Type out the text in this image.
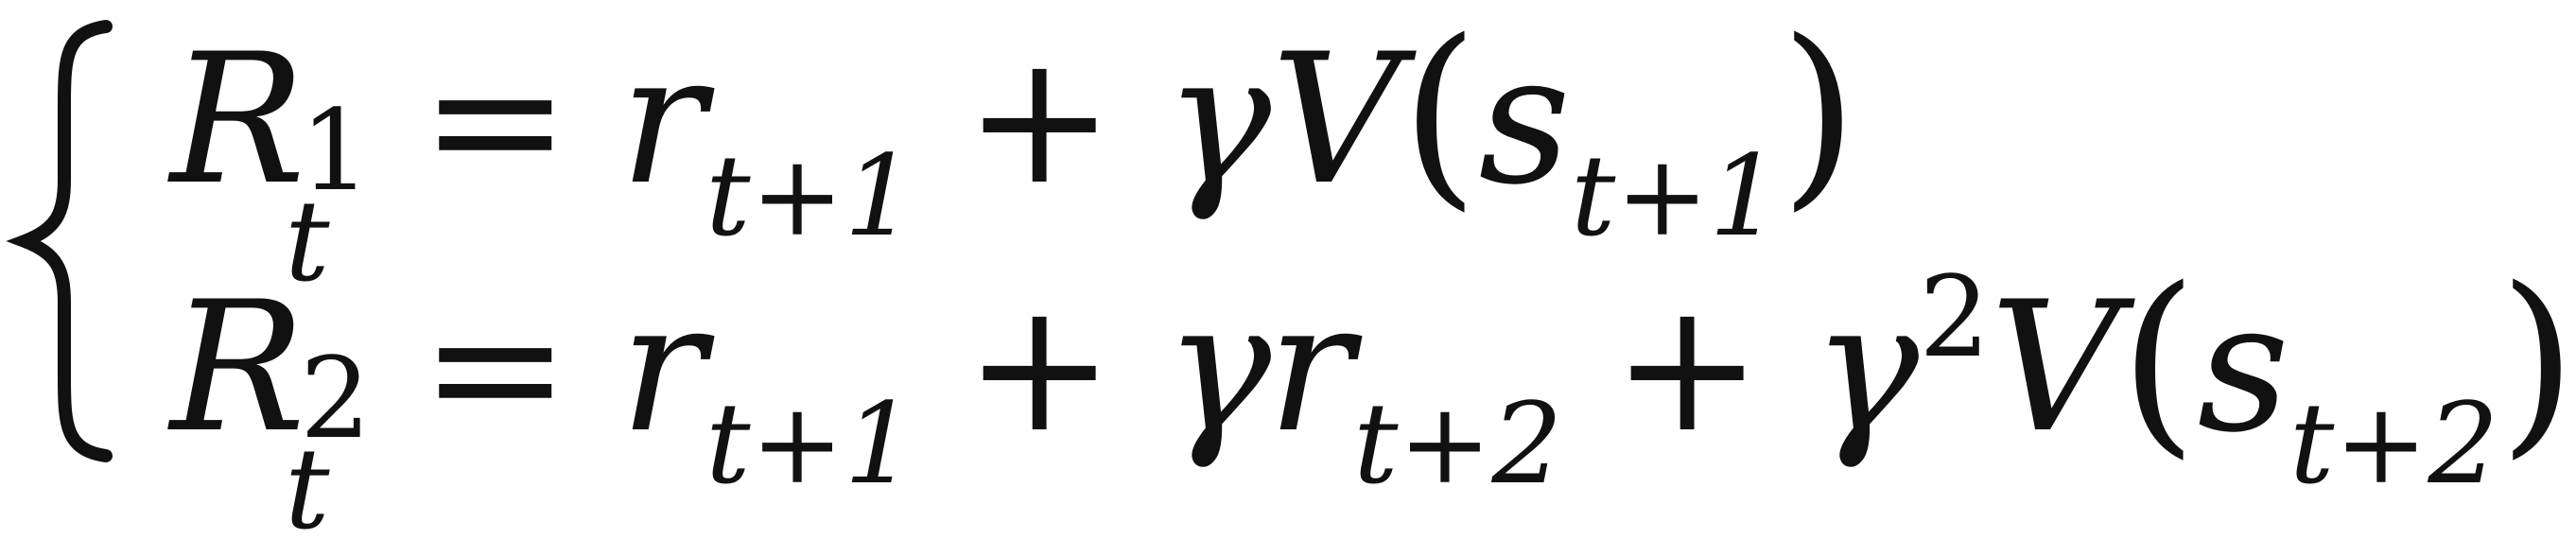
R
1
t
= r t+1 + γ V ( s t+1 )
R
2
t
= r t+1 + γ
r t+2 + γ 2 V ( s t+2 )
